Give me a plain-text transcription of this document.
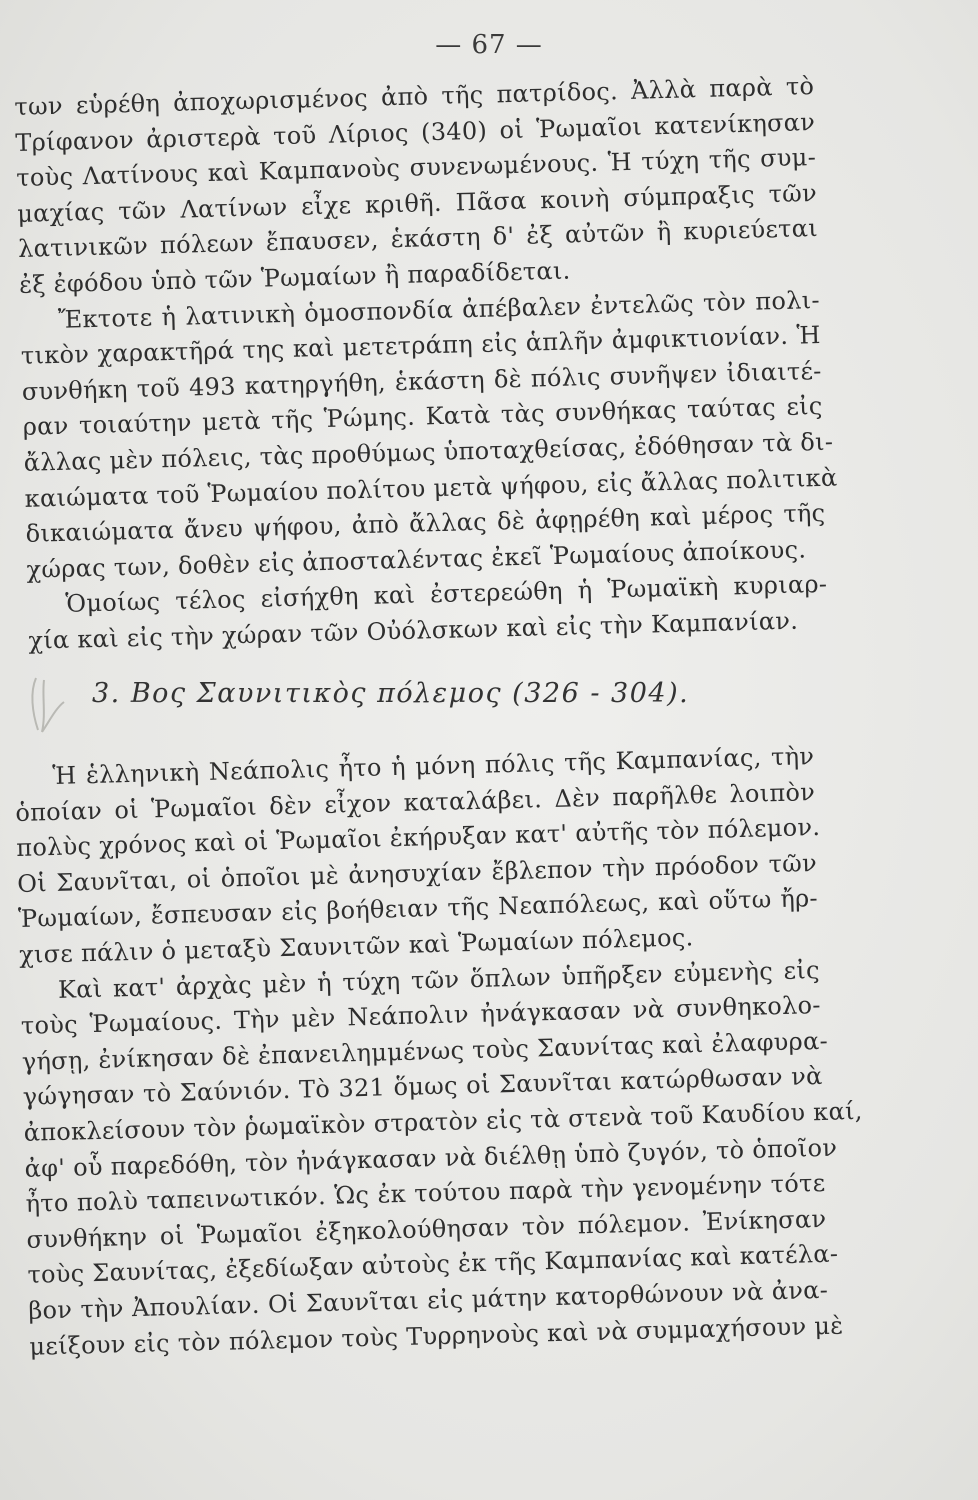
— 67 —
των εὑρέθη ἀποχωρισμένος ἀπὸ τῆς πατρίδος. Ἀλλὰ παρὰ τὸ
Τρίφανον ἀριστερὰ τοῦ Λίριος (340) οἱ Ῥωμαῖοι κατενίκησαν
τοὺς Λατίνους καὶ Καμπανοὺς συνενωμένους. Ἡ τύχη τῆς συμ-
μαχίας τῶν Λατίνων εἶχε κριθῆ. Πᾶσα κοινὴ σύμπραξις τῶν
λατινικῶν πόλεων ἔπαυσεν, ἑκάστη δ' ἐξ αὐτῶν ἢ κυριεύεται
ἐξ ἐφόδου ὑπὸ τῶν Ῥωμαίων ἢ παραδίδεται.
Ἔκτοτε ἡ λατινικὴ ὁμοσπονδία ἀπέβαλεν ἐντελῶς τὸν πολι-
τικὸν χαρακτῆρά της καὶ μετετράπη εἰς ἁπλῆν ἀμφικτιονίαν. Ἡ
συνθήκη τοῦ 493 κατηργήθη, ἑκάστη δὲ πόλις συνῆψεν ἰδιαιτέ-
ραν τοιαύτην μετὰ τῆς Ῥώμης. Κατὰ τὰς συνθήκας ταύτας εἰς
ἄλλας μὲν πόλεις, τὰς προθύμως ὑποταχθείσας, ἐδόθησαν τὰ δι-
καιώματα τοῦ Ῥωμαίου πολίτου μετὰ ψήφου, εἰς ἄλλας πολιτικὰ
δικαιώματα ἄνευ ψήφου, ἀπὸ ἄλλας δὲ ἀφῃρέθη καὶ μέρος τῆς
χώρας των, δοθὲν εἰς ἀποσταλέντας ἐκεῖ Ῥωμαίους ἀποίκους.
Ὁμοίως τέλος εἰσήχθη καὶ ἐστερεώθη ἡ Ῥωμαϊκὴ κυριαρ-
χία καὶ εἰς τὴν χώραν τῶν Οὐόλσκων καὶ εἰς τὴν Καμπανίαν.
3. Βος Σαυνιτικὸς πόλεμος (326 - 304).
Ἡ ἑλληνικὴ Νεάπολις ἦτο ἡ μόνη πόλις τῆς Καμπανίας, τὴν
ὁποίαν οἱ Ῥωμαῖοι δὲν εἶχον καταλάβει. Δὲν παρῆλθε λοιπὸν
πολὺς χρόνος καὶ οἱ Ῥωμαῖοι ἐκήρυξαν κατ' αὐτῆς τὸν πόλεμον.
Οἱ Σαυνῖται, οἱ ὁποῖοι μὲ ἀνησυχίαν ἔβλεπον τὴν πρόοδον τῶν
Ῥωμαίων, ἔσπευσαν εἰς βοήθειαν τῆς Νεαπόλεως, καὶ οὕτω ἤρ-
χισε πάλιν ὁ μεταξὺ Σαυνιτῶν καὶ Ῥωμαίων πόλεμος.
Καὶ κατ' ἀρχὰς μὲν ἡ τύχη τῶν ὅπλων ὑπῆρξεν εὐμενὴς εἰς
τοὺς Ῥωμαίους. Τὴν μὲν Νεάπολιν ἠνάγκασαν νὰ συνθηκολο-
γήσῃ, ἐνίκησαν δὲ ἐπανειλημμένως τοὺς Σαυνίτας καὶ ἐλαφυρα-
γώγησαν τὸ Σαύνιόν. Τὸ 321 ὅμως οἱ Σαυνῖται κατώρθωσαν νὰ
ἀποκλείσουν τὸν ῥωμαϊκὸν στρατὸν εἰς τὰ στενὰ τοῦ Καυδίου καί,
ἀφ' οὗ παρεδόθη, τὸν ἠνάγκασαν νὰ διέλθῃ ὑπὸ ζυγόν, τὸ ὁποῖον
ἦτο πολὺ ταπεινωτικόν. Ὡς ἐκ τούτου παρὰ τὴν γενομένην τότε
συνθήκην οἱ Ῥωμαῖοι ἐξηκολούθησαν τὸν πόλεμον. Ἐνίκησαν
τοὺς Σαυνίτας, ἐξεδίωξαν αὐτοὺς ἐκ τῆς Καμπανίας καὶ κατέλα-
βον τὴν Ἀπουλίαν. Οἱ Σαυνῖται εἰς μάτην κατορθώνουν νὰ ἀνα-
μείξουν εἰς τὸν πόλεμον τοὺς Τυρρηνοὺς καὶ νὰ συμμαχήσουν μὲ
